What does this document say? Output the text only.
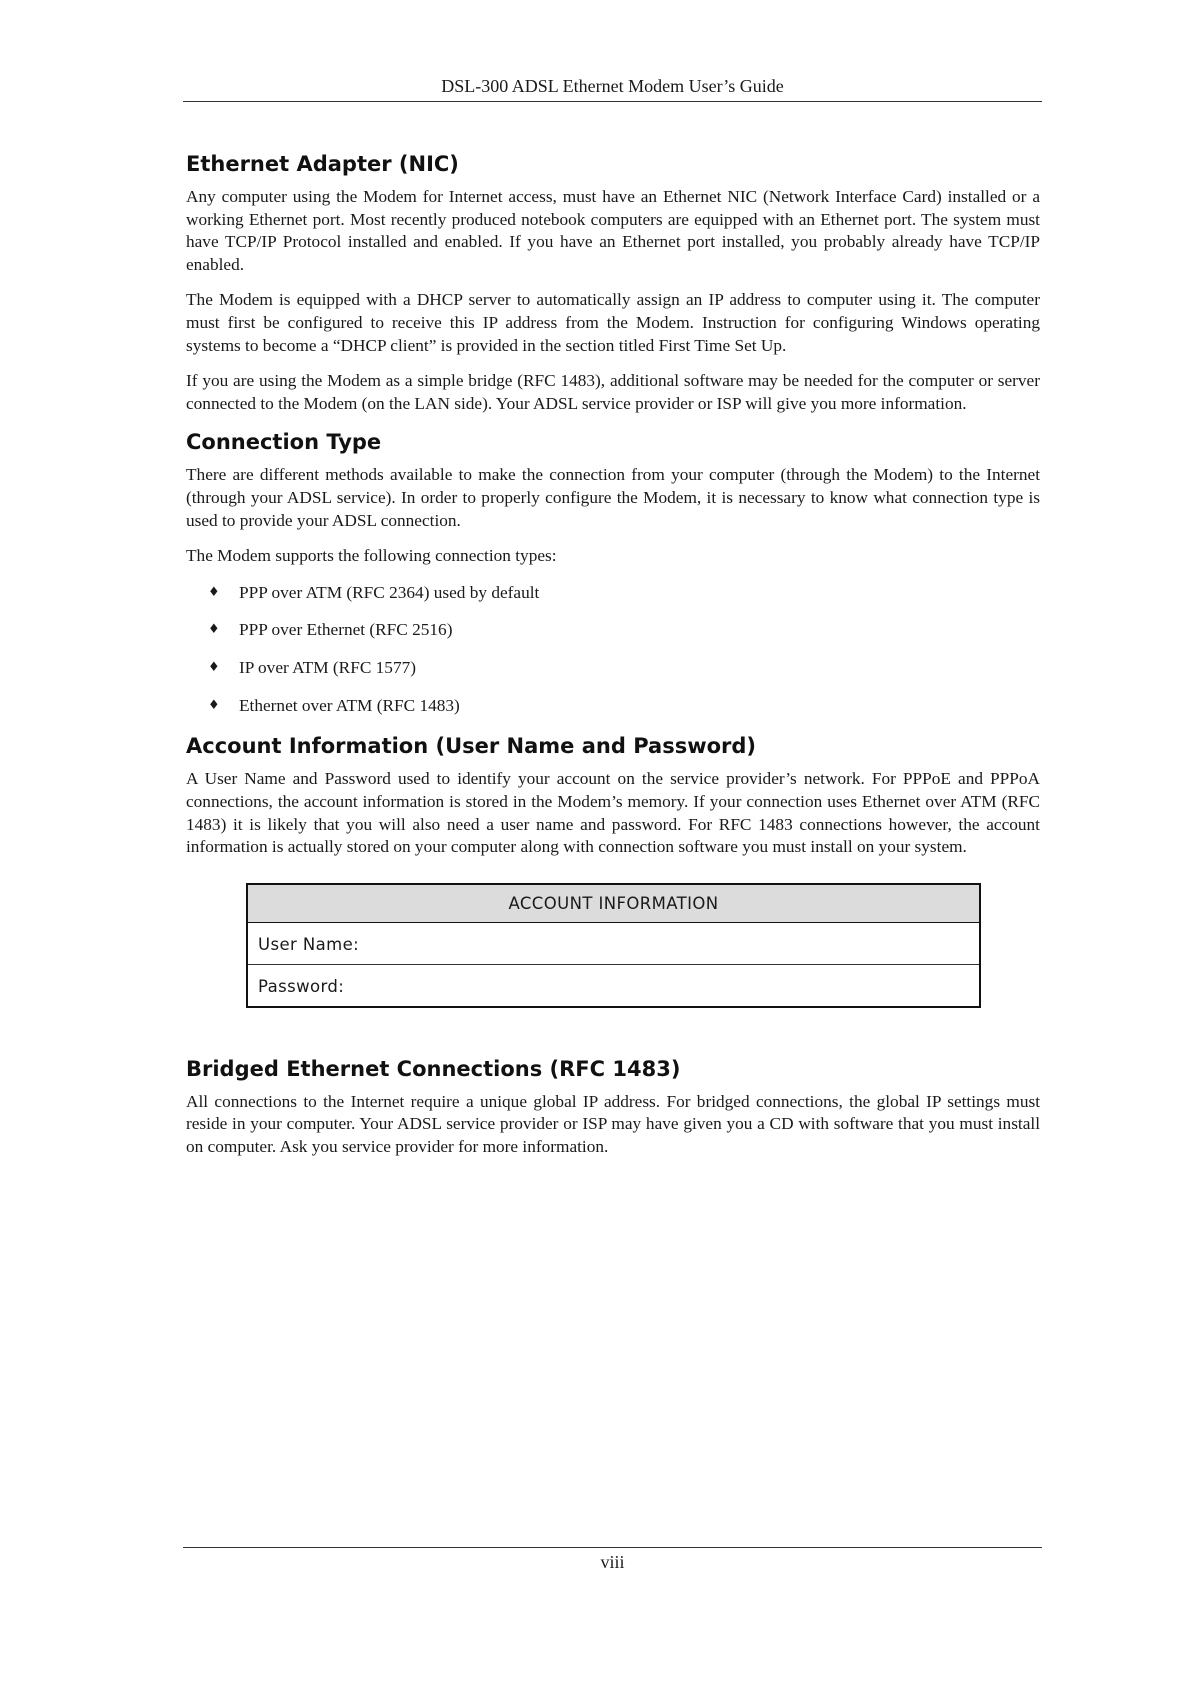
DSL-300 ADSL Ethernet Modem User’s Guide
Ethernet Adapter (NIC)

Any computer using the Modem for Internet access, must have an Ethernet NIC (Network Interface Card) installed or a working Ethernet port. Most recently produced notebook computers are equipped with an Ethernet port. The system must have TCP/IP Protocol installed and enabled. If you have an Ethernet port installed, you probably already have TCP/IP enabled.

The Modem is equipped with a DHCP server to automatically assign an IP address to computer using it. The computer must first be configured to receive this IP address from the Modem. Instruction for configuring Windows operating systems to become a “DHCP client” is provided in the section titled First Time Set Up.

If you are using the Modem as a simple bridge (RFC 1483), additional software may be needed for the computer or server connected to the Modem (on the LAN side). Your ADSL service provider or ISP will give you more information.

Connection Type

There are different methods available to make the connection from your computer (through the Modem) to the Internet (through your ADSL service). In order to properly configure the Modem, it is necessary to know what connection type is used to provide your ADSL connection.

The Modem supports the following connection types:

♦ PPP over ATM (RFC 2364) used by default
♦ PPP over Ethernet (RFC 2516)
♦ IP over ATM (RFC 1577)
♦ Ethernet over ATM (RFC 1483)
Account Information (User Name and Password)

A User Name and Password used to identify your account on the service provider’s network. For PPPoE and PPPoA connections, the account information is stored in the Modem’s memory. If your connection uses Ethernet over ATM (RFC 1483) it is likely that you will also need a user name and password. For RFC 1483 connections however, the account information is actually stored on your computer along with connection software you must install on your system.

ACCOUNT INFORMATION
User Name:
Password:
Bridged Ethernet Connections (RFC 1483)

All connections to the Internet require a unique global IP address. For bridged connections, the global IP settings must reside in your computer. Your ADSL service provider or ISP may have given you a CD with software that you must install on computer. Ask you service provider for more information.

viii
